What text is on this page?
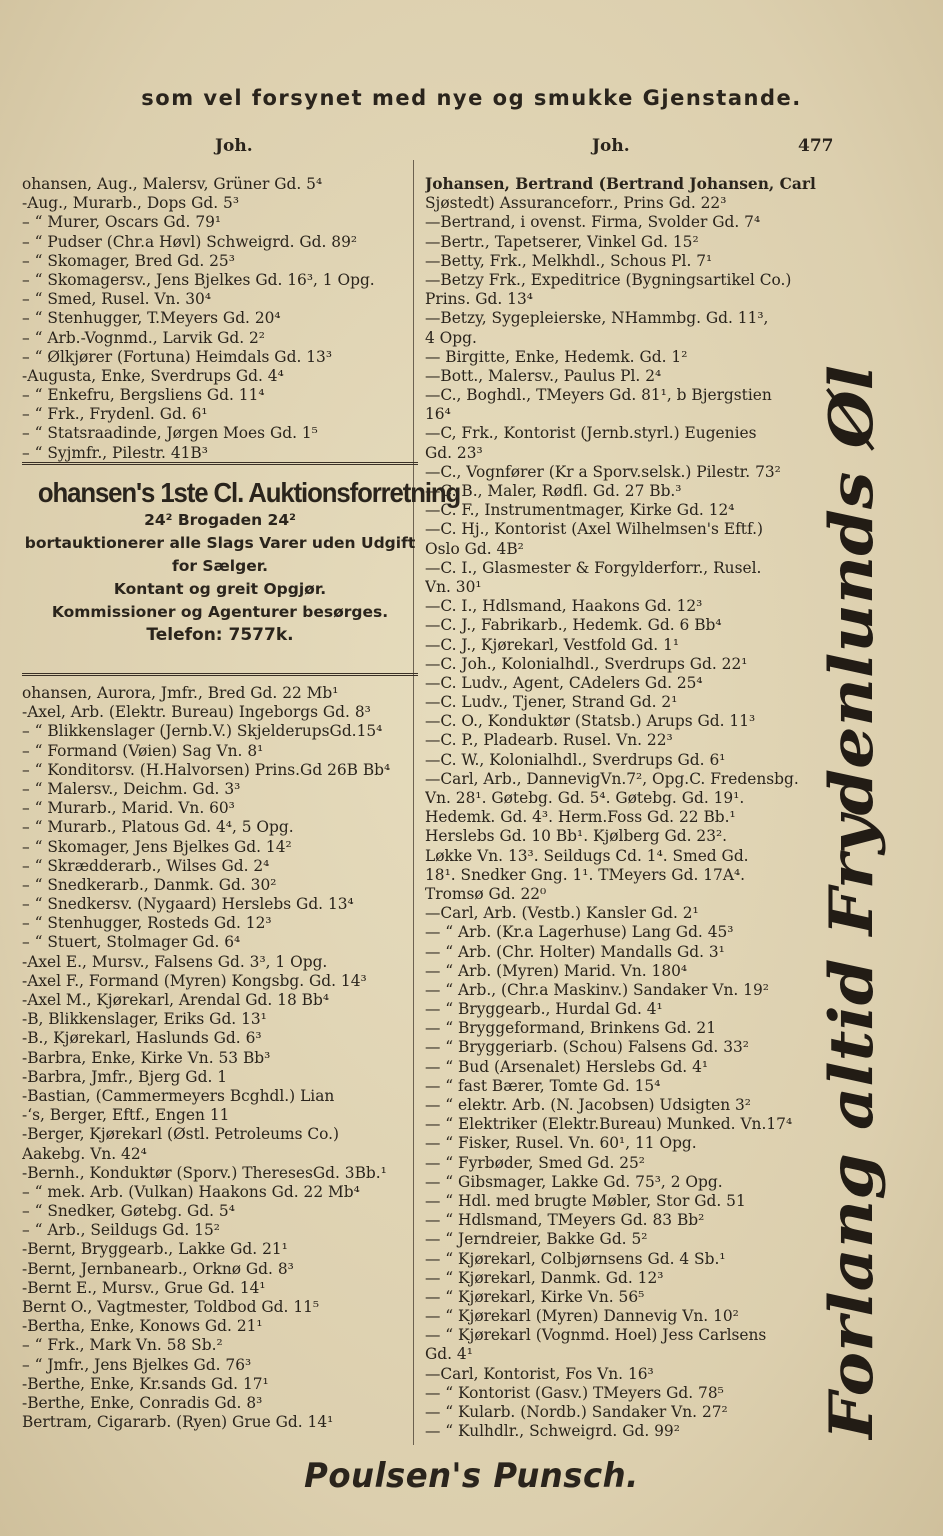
som vel forsynet med nye og smukke Gjenstande.
Joh.	Joh.	477
ohansen, Aug., Malersv, Grüner Gd. 5⁴
-Aug., Murarb., Dops Gd. 5³
– “ Murer, Oscars Gd. 79¹
– “ Pudser (Chr.a Høvl) Schweigrd. Gd. 89²
– “ Skomager, Bred Gd. 25³
– “ Skomagersv., Jens Bjelkes Gd. 16³, 1 Opg.
– “ Smed, Rusel. Vn. 30⁴
– “ Stenhugger, T.Meyers Gd. 20⁴
– “ Arb.-Vognmd., Larvik Gd. 2²
– “ Ølkjører (Fortuna) Heimdals Gd. 13³
-Augusta, Enke, Sverdrups Gd. 4⁴
– “ Enkefru, Bergsliens Gd. 11⁴
– “ Frk., Frydenl. Gd. 6¹
– “ Statsraadinde, Jørgen Moes Gd. 1⁵
– “ Syjmfr., Pilestr. 41B³
ohansen's 1ste Cl. Auktionsforretning
24² Brogaden 24²
bortauktionerer alle Slags Varer uden Udgift
for Sælger.
Kontant og greit Opgjør.
Kommissioner og Agenturer besørges.
Telefon: 7577k.
ohansen, Aurora, Jmfr., Bred Gd. 22 Mb¹
-Axel, Arb. (Elektr. Bureau) Ingeborgs Gd. 8³
– “ Blikkenslager (Jernb.V.) SkjelderupsGd.15⁴
– “ Formand (Vøien) Sag Vn. 8¹
– “ Konditorsv. (H.Halvorsen) Prins.Gd 26B Bb⁴
– “ Malersv., Deichm. Gd. 3³
– “ Murarb., Marid. Vn. 60³
– “ Murarb., Platous Gd. 4⁴, 5 Opg.
– “ Skomager, Jens Bjelkes Gd. 14²
– “ Skrædderarb., Wilses Gd. 2⁴
– “ Snedkerarb., Danmk. Gd. 30²
– “ Snedkersv. (Nygaard) Herslebs Gd. 13⁴
– “ Stenhugger, Rosteds Gd. 12³
– “ Stuert, Stolmager Gd. 6⁴
-Axel E., Mursv., Falsens Gd. 3³, 1 Opg.
-Axel F., Formand (Myren) Kongsbg. Gd. 14³
-Axel M., Kjørekarl, Arendal Gd. 18 Bb⁴
-B, Blikkenslager, Eriks Gd. 13¹
-B., Kjørekarl, Haslunds Gd. 6³
-Barbra, Enke, Kirke Vn. 53 Bb³
-Barbra, Jmfr., Bjerg Gd. 1
-Bastian, (Cammermeyers Bcghdl.) Lian
-‘s, Berger, Eftf., Engen 11
-Berger, Kjørekarl (Østl. Petroleums Co.)
Aakebg. Vn. 42⁴
-Bernh., Konduktør (Sporv.) TheresesGd. 3Bb.¹
– “ mek. Arb. (Vulkan) Haakons Gd. 22 Mb⁴
– “ Snedker, Gøtebg. Gd. 5⁴
– “ Arb., Seildugs Gd. 15²
-Bernt, Bryggearb., Lakke Gd. 21¹
-Bernt, Jernbanearb., Orknø Gd. 8³
-Bernt E., Mursv., Grue Gd. 14¹
Bernt O., Vagtmester, Toldbod Gd. 11⁵
-Bertha, Enke, Konows Gd. 21¹
– “ Frk., Mark Vn. 58 Sb.²
– “ Jmfr., Jens Bjelkes Gd. 76³
-Berthe, Enke, Kr.sands Gd. 17¹
-Berthe, Enke, Conradis Gd. 8³
Bertram, Cigararb. (Ryen) Grue Gd. 14¹
Johansen, Bertrand (Bertrand Johansen, Carl
Sjøstedt) Assuranceforr., Prins Gd. 22³
—Bertrand, i ovenst. Firma, Svolder Gd. 7⁴
—Bertr., Tapetserer, Vinkel Gd. 15²
—Betty, Frk., Melkhdl., Schous Pl. 7¹
—Betzy Frk., Expeditrice (Bygningsartikel Co.)
Prins. Gd. 13⁴
—Betzy, Sygepleierske, NHammbg. Gd. 11³,
4 Opg.
— Birgitte, Enke, Hedemk. Gd. 1²
—Bott., Malersv., Paulus Pl. 2⁴
—C., Boghdl., TMeyers Gd. 81¹, b Bjergstien
16⁴
—C, Frk., Kontorist (Jernb.styrl.) Eugenies
Gd. 23³
—C., Vognfører (Kr a Sporv.selsk.) Pilestr. 73²
—C. B., Maler, Rødfl. Gd. 27 Bb.³
—C. F., Instrumentmager, Kirke Gd. 12⁴
—C. Hj., Kontorist (Axel Wilhelmsen's Eftf.)
Oslo Gd. 4B²
—C. I., Glasmester & Forgylderforr., Rusel.
Vn. 30¹
—C. I., Hdlsmand, Haakons Gd. 12³
—C. J., Fabrikarb., Hedemk. Gd. 6 Bb⁴
—C. J., Kjørekarl, Vestfold Gd. 1¹
—C. Joh., Kolonialhdl., Sverdrups Gd. 22¹
—C. Ludv., Agent, CAdelers Gd. 25⁴
—C. Ludv., Tjener, Strand Gd. 2¹
—C. O., Konduktør (Statsb.) Arups Gd. 11³
—C. P., Pladearb. Rusel. Vn. 22³
—C. W., Kolonialhdl., Sverdrups Gd. 6¹
—Carl, Arb., DannevigVn.7², Opg.C. Fredensbg.
Vn. 28¹. Gøtebg. Gd. 5⁴. Gøtebg. Gd. 19¹.
Hedemk. Gd. 4³. Herm.Foss Gd. 22 Bb.¹
Herslebs Gd. 10 Bb¹. Kjølberg Gd. 23².
Løkke Vn. 13³. Seildugs Cd. 1⁴. Smed Gd.
18¹. Snedker Gng. 1¹. TMeyers Gd. 17A⁴.
Tromsø Gd. 22⁰
—Carl, Arb. (Vestb.) Kansler Gd. 2¹
— “ Arb. (Kr.a Lagerhuse) Lang Gd. 45³
— “ Arb. (Chr. Holter) Mandalls Gd. 3¹
— “ Arb. (Myren) Marid. Vn. 180⁴
— “ Arb., (Chr.a Maskinv.) Sandaker Vn. 19²
— “ Bryggearb., Hurdal Gd. 4¹
— “ Bryggeformand, Brinkens Gd. 21
— “ Bryggeriarb. (Schou) Falsens Gd. 33²
— “ Bud (Arsenalet) Herslebs Gd. 4¹
— “ fast Bærer, Tomte Gd. 15⁴
— “ elektr. Arb. (N. Jacobsen) Udsigten 3²
— “ Elektriker (Elektr.Bureau) Munked. Vn.17⁴
— “ Fisker, Rusel. Vn. 60¹, 11 Opg.
— “ Fyrbøder, Smed Gd. 25²
— “ Gibsmager, Lakke Gd. 75³, 2 Opg.
— “ Hdl. med brugte Møbler, Stor Gd. 51
— “ Hdlsmand, TMeyers Gd. 83 Bb²
— “ Jerndreier, Bakke Gd. 5²
— “ Kjørekarl, Colbjørnsens Gd. 4 Sb.¹
— “ Kjørekarl, Danmk. Gd. 12³
— “ Kjørekarl, Kirke Vn. 56⁵
— “ Kjørekarl (Myren) Dannevig Vn. 10²
— “ Kjørekarl (Vognmd. Hoel) Jess Carlsens
Gd. 4¹
—Carl, Kontorist, Fos Vn. 16³
— “ Kontorist (Gasv.) TMeyers Gd. 78⁵
— “ Kularb. (Nordb.) Sandaker Vn. 27²
— “ Kulhdlr., Schweigrd. Gd. 99²	Forlang altid Frydenlunds Øl
Poulsen's Punsch.
